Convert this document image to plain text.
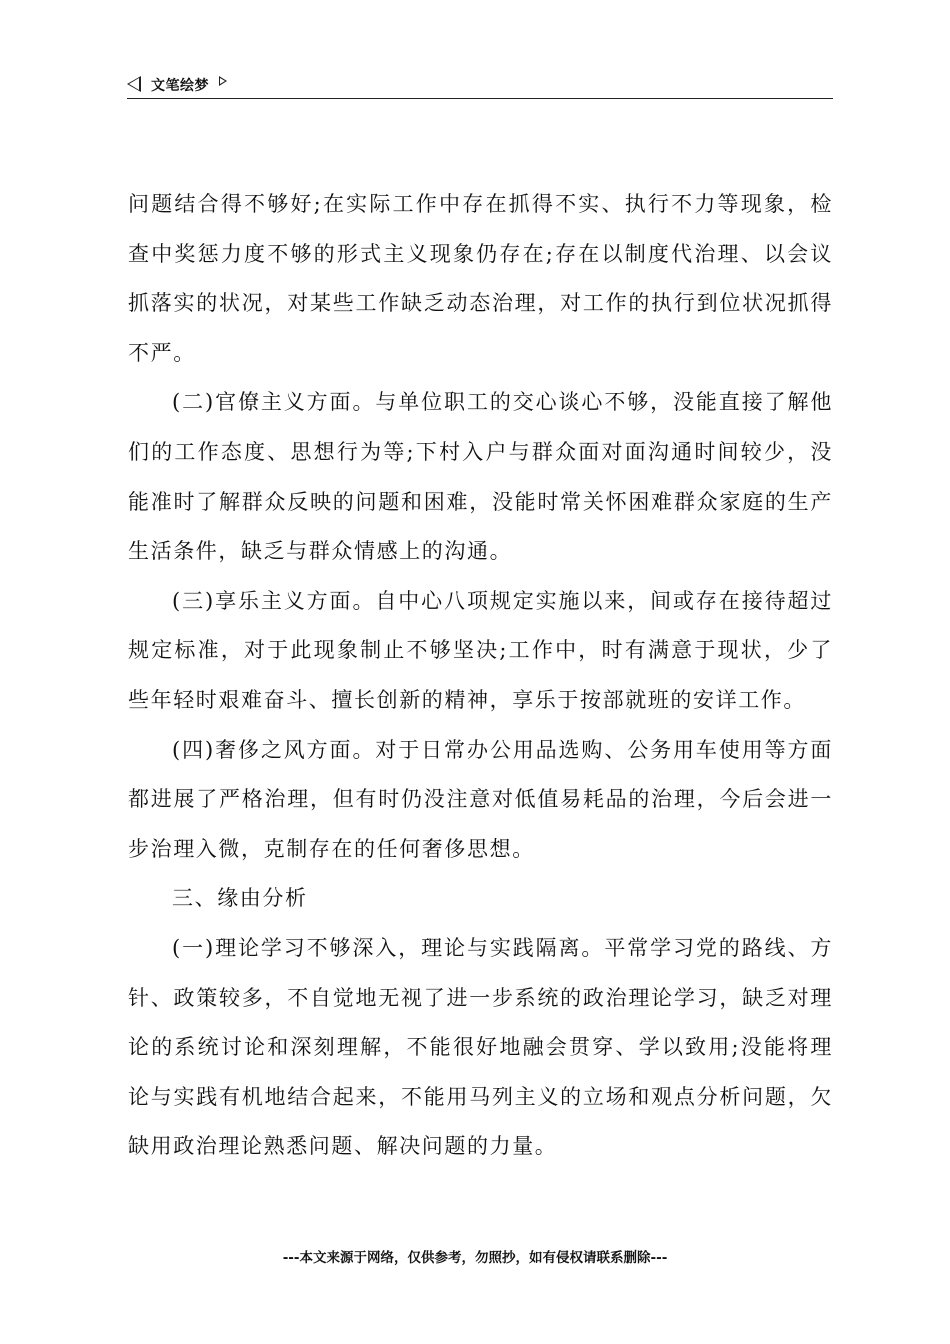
文笔绘梦

问题结合得不够好;在实际工作中存在抓得不实、执行不力等现象，检查中奖惩力度不够的形式主义现象仍存在;存在以制度代治理、以会议抓落实的状况，对某些工作缺乏动态治理，对工作的执行到位状况抓得不严。

(二)官僚主义方面。与单位职工的交心谈心不够，没能直接了解他们的工作态度、思想行为等;下村入户与群众面对面沟通时间较少，没能准时了解群众反映的问题和困难，没能时常关怀困难群众家庭的生产生活条件，缺乏与群众情感上的沟通。

(三)享乐主义方面。自中心八项规定实施以来，间或存在接待超过规定标准，对于此现象制止不够坚决;工作中，时有满意于现状，少了些年轻时艰难奋斗、擅长创新的精神，享乐于按部就班的安详工作。

(四)奢侈之风方面。对于日常办公用品选购、公务用车使用等方面都进展了严格治理，但有时仍没注意对低值易耗品的治理，今后会进一步治理入微，克制存在的任何奢侈思想。

三、缘由分析

(一)理论学习不够深入，理论与实践隔离。平常学习党的路线、方针、政策较多，不自觉地无视了进一步系统的政治理论学习，缺乏对理论的系统讨论和深刻理解，不能很好地融会贯穿、学以致用;没能将理论与实践有机地结合起来，不能用马列主义的立场和观点分析问题，欠缺用政治理论熟悉问题、解决问题的力量。

---本文来源于网络，仅供参考，勿照抄，如有侵权请联系删除---
